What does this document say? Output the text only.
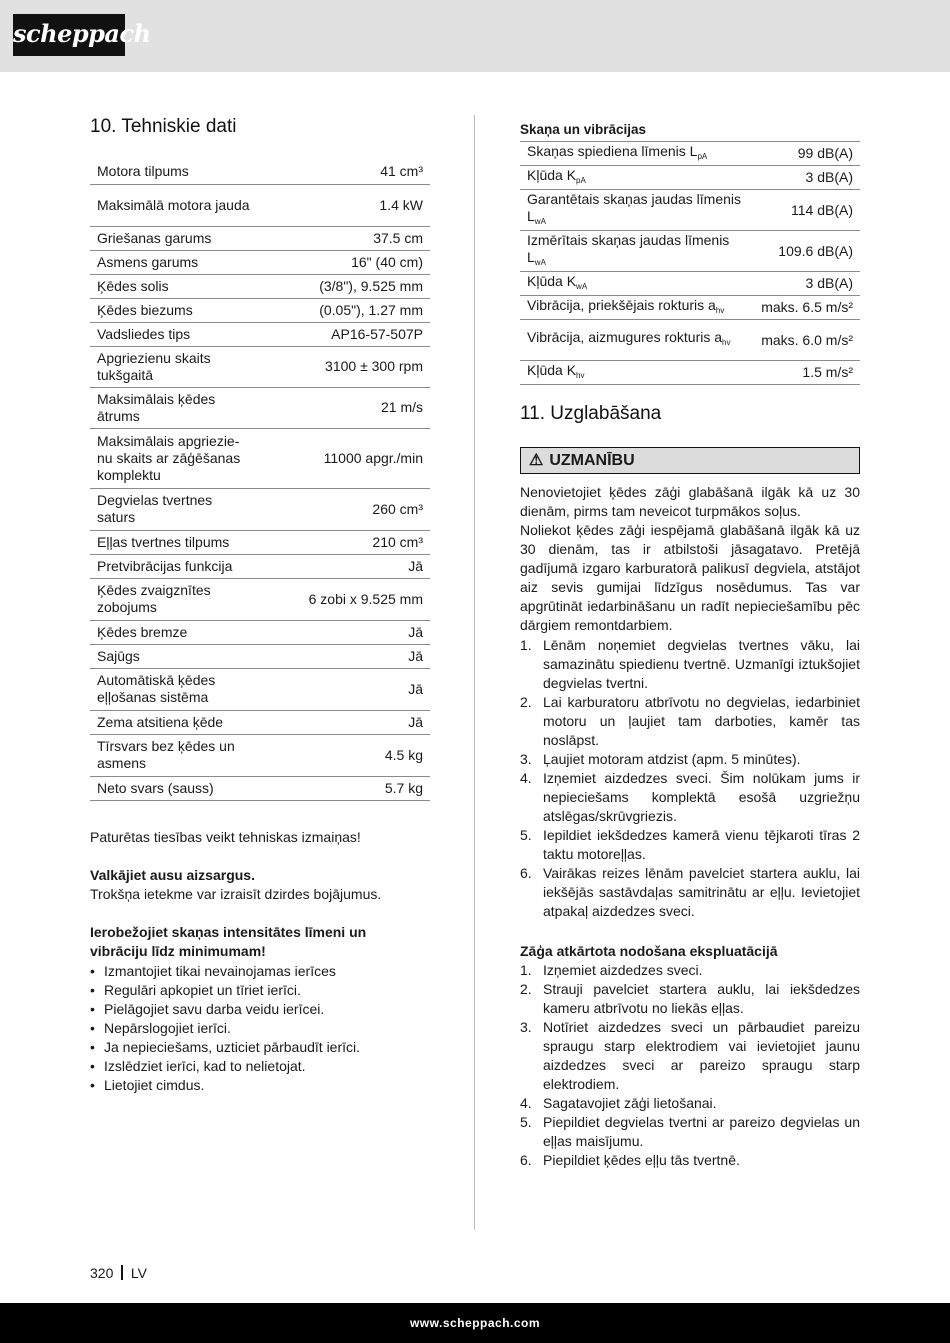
scheppach
10. Tehniskie dati
Motora tilpums	41 cm³
Maksimālā motora jauda	1.4 kW
Griešanas garums	37.5 cm
Asmens garums	16" (40 cm)
Ķēdes solis	(3/8"), 9.525 mm
Ķēdes biezums	(0.05"), 1.27 mm
Vadsliedes tips	AP16-57-507P
Apgriezienu skaits tukšgaitā	3100 ± 300 rpm
Maksimālais ķēdes ātrums	21 m/s
Maksimālais apgriezie-nu skaits ar zāģēšanas komplektu	11000 apgr./min
Degvielas tvertnes saturs	260 cm³
Eļļas tvertnes tilpums	210 cm³
Pretvibrācijas funkcija	Jā
Ķēdes zvaigznītes zobojums	6 zobi x 9.525 mm
Ķēdes bremze	Jā
Sajūgs	Jā
Automātiskā ķēdes eļļošanas sistēma	Jā
Zema atsitiena ķēde	Jā
Tīrsvars bez ķēdes un asmens	4.5 kg
Neto svars (sauss)	5.7 kg
Paturētas tiesības veikt tehniskas izmaiņas!
Valkājiet ausu aizsargus.
Trokšņa ietekme var izraisīt dzirdes bojājumus.
Ierobežojiet skaņas intensitātes līmeni un vibrāciju līdz minimumam!
• Izmantojiet tikai nevainojamas ierīces
• Regulāri apkopiet un tīriet ierīci.
• Pielāgojiet savu darba veidu ierīcei.
• Nepārslogojiet ierīci.
• Ja nepieciešams, uzticiet pārbaudīt ierīci.
• Izslēdziet ierīci, kad to nelietojat.
• Lietojiet cimdus.
Skaņa un vibrācijas
Skaņas spiediena līmenis $L_{pA}$	99 dB(A)
Kļūda $K_{pA}$	3 dB(A)
Garantētais skaņas jaudas līmenis $L_{wA}$	114 dB(A)
Izmērītais skaņas jaudas līmenis $L_{wA}$	109.6 dB(A)
Kļūda $K_{wA}$	3 dB(A)
Vibrācija, priekšējais rokturis $a_{hv}$	maks. 6.5 m/s²
Vibrācija, aizmugures rokturis $a_{hv}$	maks. 6.0 m/s²
Kļūda $K_{hv}$	1.5 m/s²
11. Uzglabāšana
⚠ UZMANĪBU
Nenovietojiet ķēdes zāģi glabāšanā ilgāk kā uz 30 dienām, pirms tam neveicot turpmākos soļus.
Noliekot ķēdes zāģi iespējamā glabāšanā ilgāk kā uz 30 dienām, tas ir atbilstoši jāsagatavo. Pretējā gadījumā izgaro karburatorā palikusī degviela, atstājot aiz sevis gumijai līdzīgus nosēdumus. Tas var apgrūtināt iedarbināšanu un radīt nepieciešamību pēc dārgiem remontdarbiem.
1. Lēnām noņemiet degvielas tvertnes vāku, lai samazinātu spiedienu tvertnē. Uzmanīgi iztukšojiet degvielas tvertni.
2. Lai karburatoru atbrīvotu no degvielas, iedarbiniet motoru un ļaujiet tam darboties, kamēr tas noslāpst.
3. Ļaujiet motoram atdzist (apm. 5 minūtes).
4. Izņemiet aizdedzes sveci. Šim nolūkam jums ir nepieciešams komplektā esošā uzgriežņu atslēgas/skrūvgriezis.
5. Iepildiet iekšdedzes kamerā vienu tējkaroti tīras 2 taktu motoreļļas.
6. Vairākas reizes lēnām pavelciet startera auklu, lai iekšējās sastāvdaļas samitrinātu ar eļļu. Ievietojiet atpakaļ aizdedzes sveci.
Zāģa atkārtota nodošana ekspluatācijā
1. Izņemiet aizdedzes sveci.
2. Strauji pavelciet startera auklu, lai iekšdedzes kameru atbrīvotu no liekās eļļas.
3. Notīriet aizdedzes sveci un pārbaudiet pareizu spraugu starp elektrodiem vai ievietojiet jaunu aizdedzes sveci ar pareizo spraugu starp elektrodiem.
4. Sagatavojiet zāģi lietošanai.
5. Piepildiet degvielas tvertni ar pareizo degvielas un eļļas maisījumu.
6. Piepildiet ķēdes eļļu tās tvertnē.
320 LV
www.scheppach.com
